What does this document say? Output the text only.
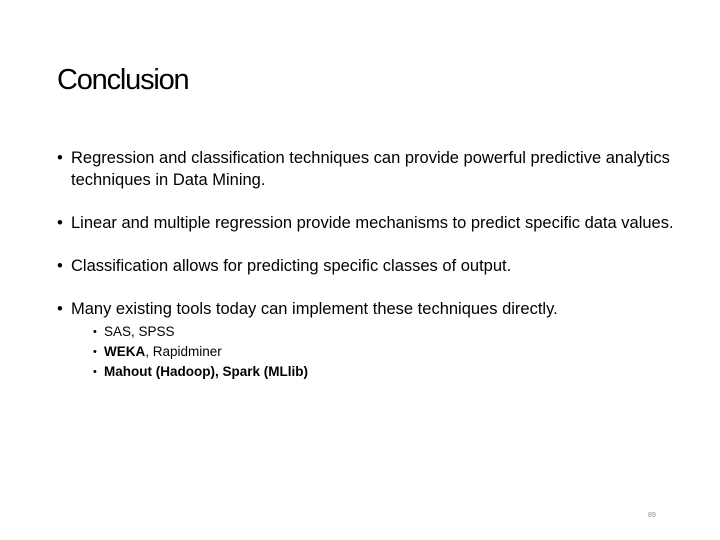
Conclusion
• Regression and classification techniques can provide powerful predictive analytics techniques in Data Mining.
• Linear and multiple regression provide mechanisms to predict specific data values.
• Classification allows for predicting specific classes of output.
• Many existing tools today can implement these techniques directly.
• SAS, SPSS
• WEKA, Rapidminer
• Mahout (Hadoop), Spark (MLlib)
89
